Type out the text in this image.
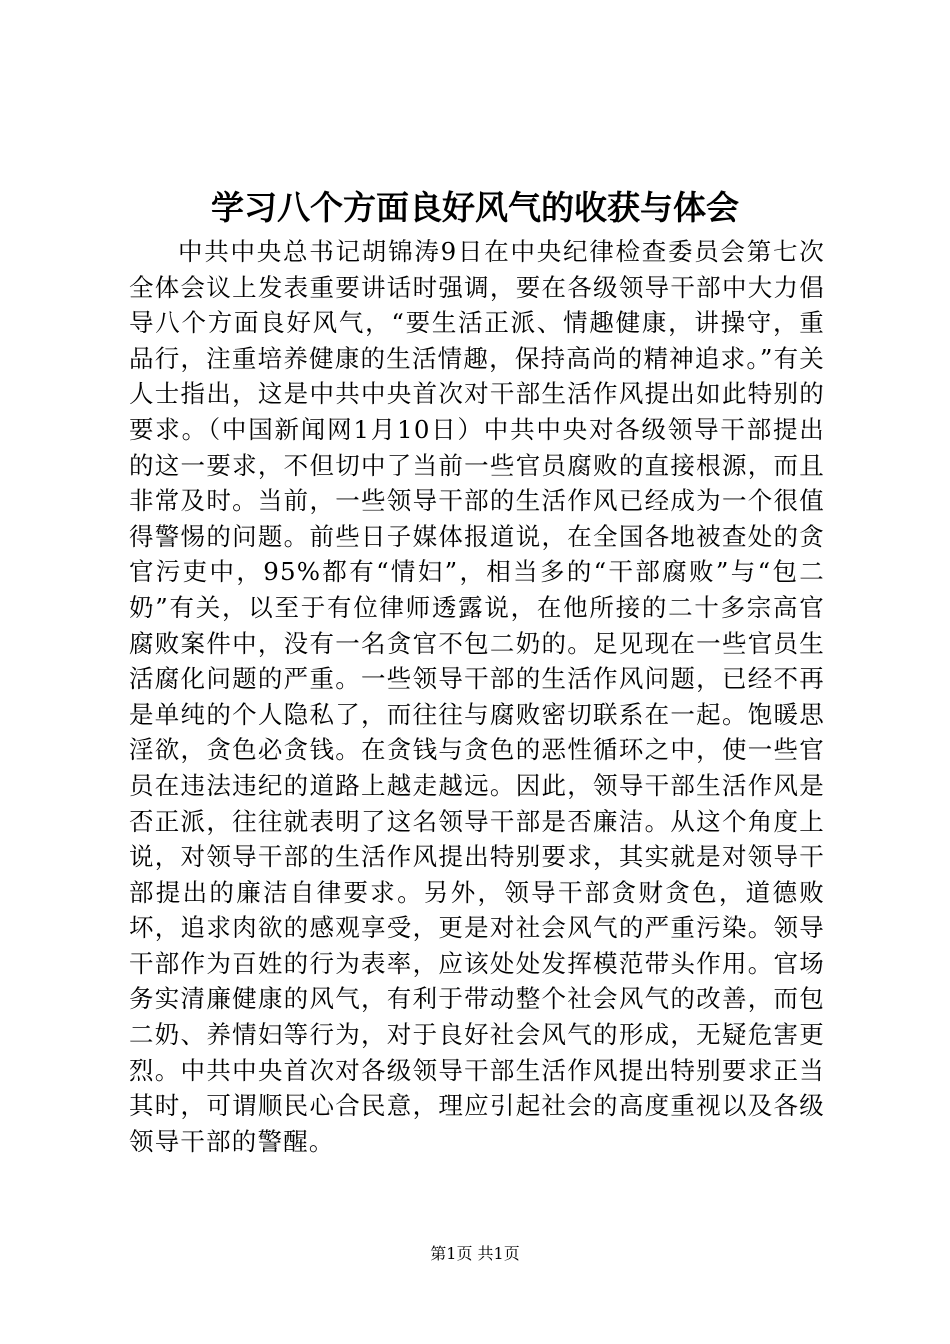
学习八个方面良好风气的收获与体会

中共中央总书记胡锦涛9日在中央纪律检查委员会第七次全体会议上发表重要讲话时强调，要在各级领导干部中大力倡导八个方面良好风气，“要生活正派、情趣健康，讲操守，重品行，注重培养健康的生活情趣，保持高尚的精神追求。”有关人士指出，这是中共中央首次对干部生活作风提出如此特别的要求。（中国新闻网1月10日）中共中央对各级领导干部提出的这一要求，不但切中了当前一些官员腐败的直接根源，而且非常及时。当前，一些领导干部的生活作风已经成为一个很值得警惕的问题。前些日子媒体报道说，在全国各地被查处的贪官污吏中，95%都有“情妇”，相当多的“干部腐败”与“包二奶”有关，以至于有位律师透露说，在他所接的二十多宗高官腐败案件中，没有一名贪官不包二奶的。足见现在一些官员生活腐化问题的严重。一些领导干部的生活作风问题，已经不再是单纯的个人隐私了，而往往与腐败密切联系在一起。饱暖思淫欲，贪色必贪钱。在贪钱与贪色的恶性循环之中，使一些官员在违法违纪的道路上越走越远。因此，领导干部生活作风是否正派，往往就表明了这名领导干部是否廉洁。从这个角度上说，对领导干部的生活作风提出特别要求，其实就是对领导干部提出的廉洁自律要求。另外，领导干部贪财贪色，道德败坏，追求肉欲的感观享受，更是对社会风气的严重污染。领导干部作为百姓的行为表率，应该处处发挥模范带头作用。官场务实清廉健康的风气，有利于带动整个社会风气的改善，而包二奶、养情妇等行为，对于良好社会风气的形成，无疑危害更烈。中共中央首次对各级领导干部生活作风提出特别要求正当其时，可谓顺民心合民意，理应引起社会的高度重视以及各级领导干部的警醒。

第1页 共1页
